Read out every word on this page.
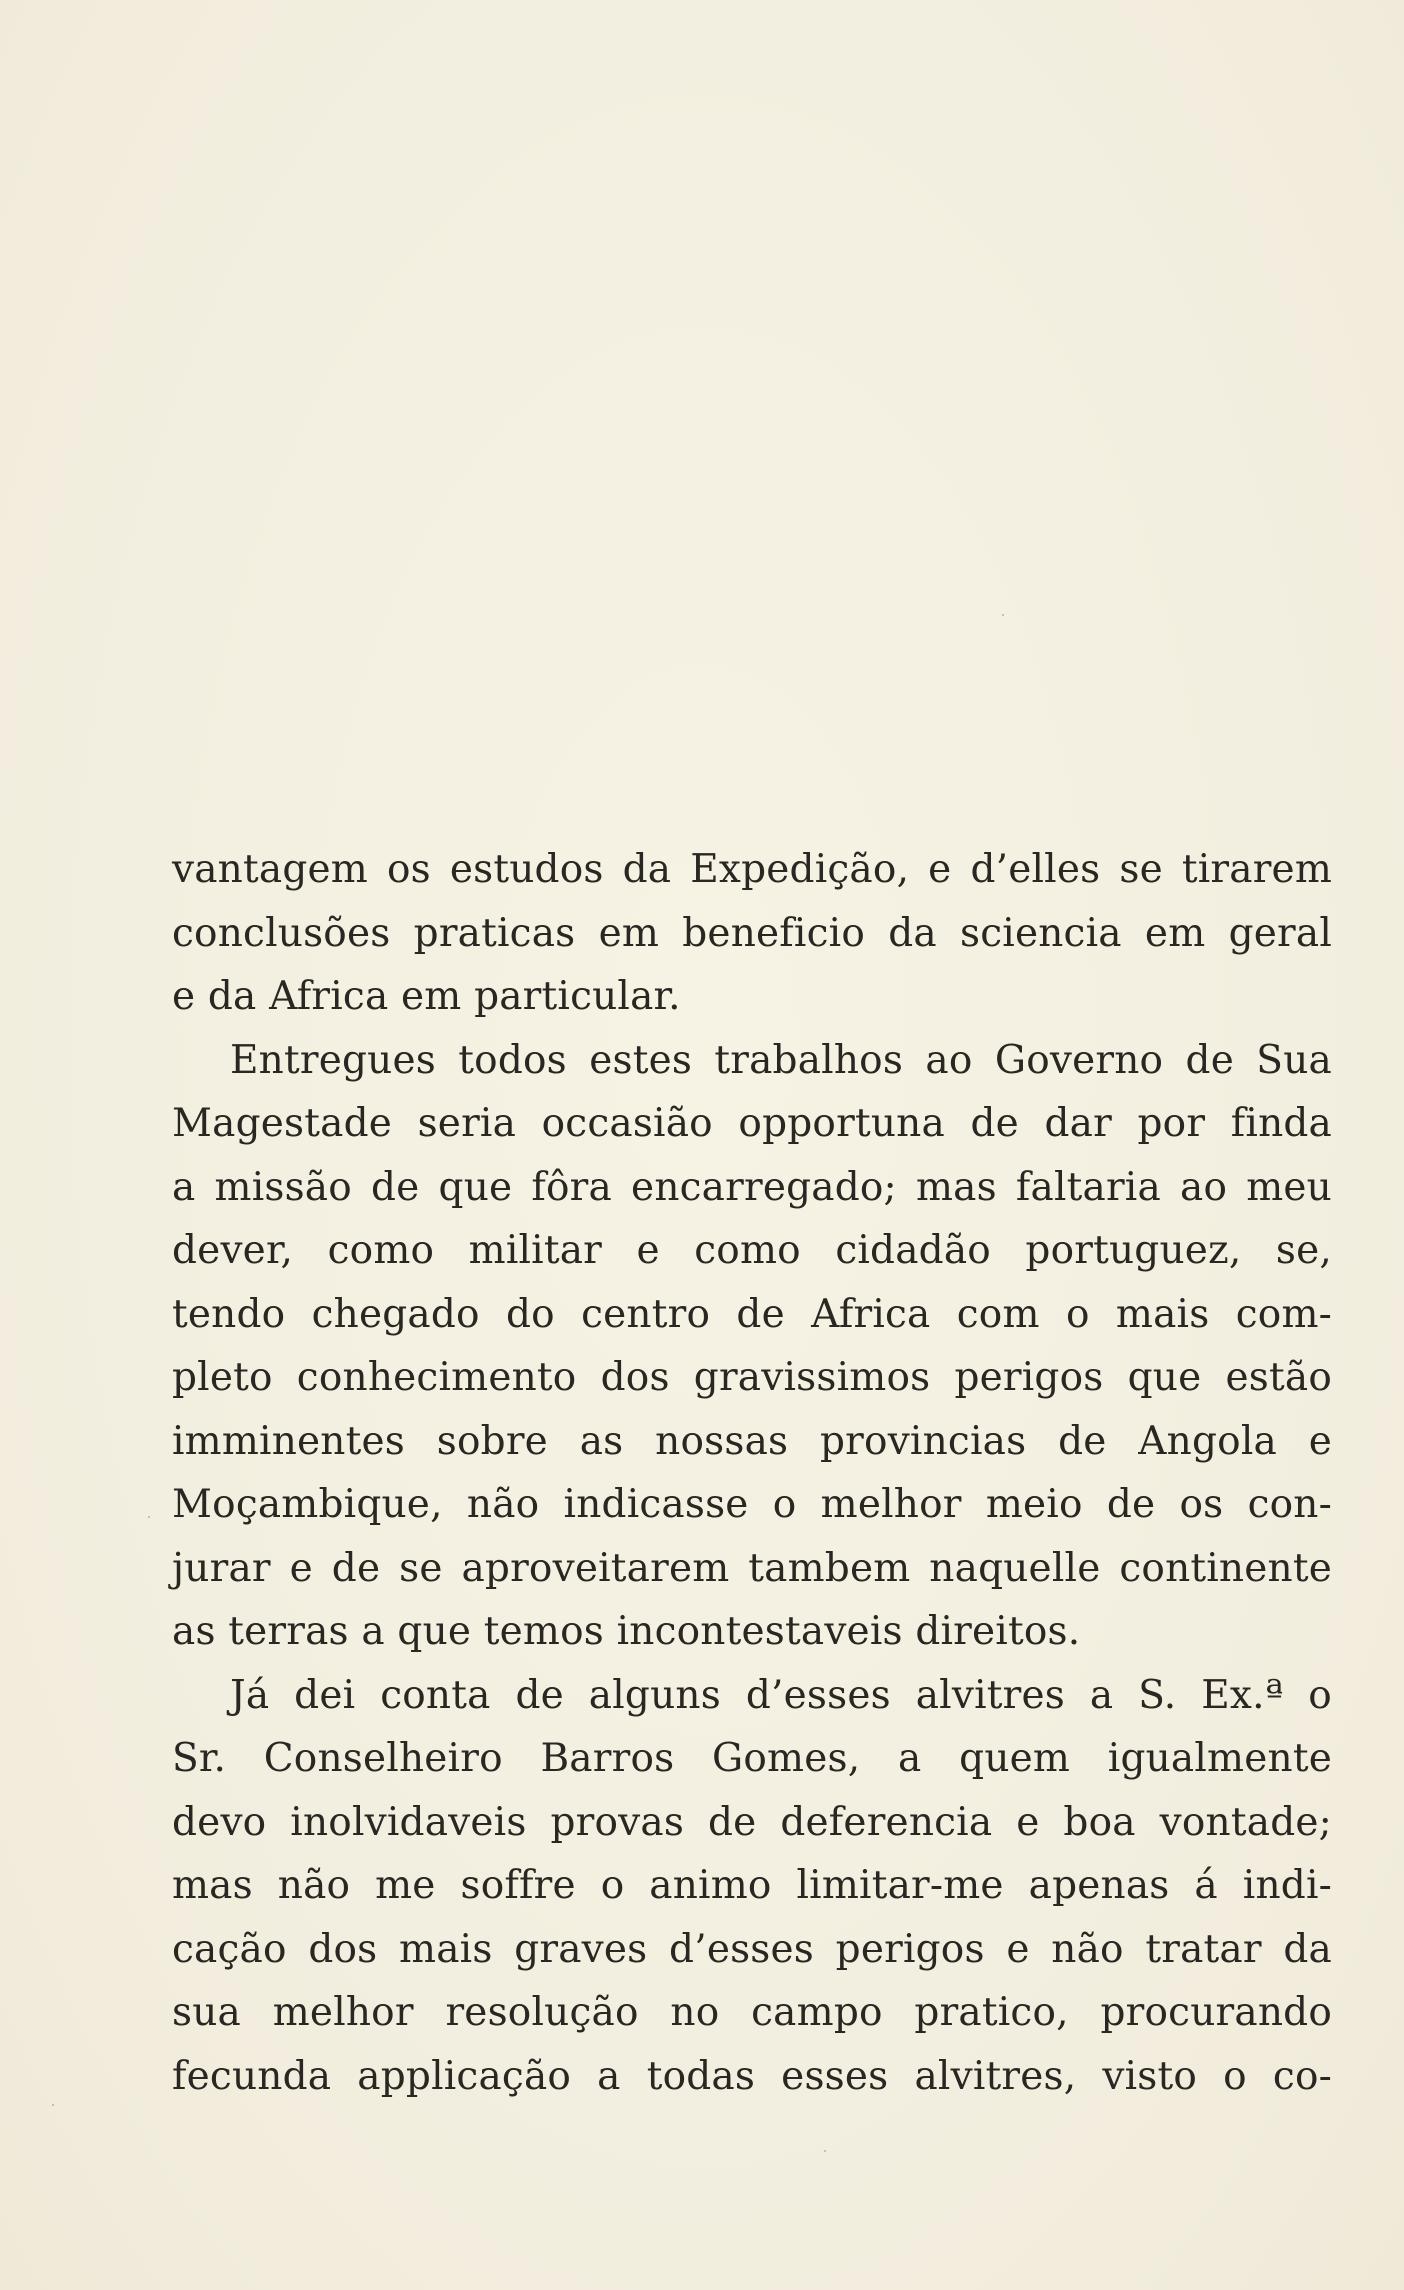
vantagem os estudos da Expedição, e d’elles se tirarem
conclusões praticas em beneficio da sciencia em geral
e da Africa em particular.
Entregues todos estes trabalhos ao Governo de Sua
Magestade seria occasião opportuna de dar por finda
a missão de que fôra encarregado; mas faltaria ao meu
dever, como militar e como cidadão portuguez, se,
tendo chegado do centro de Africa com o mais com-
pleto conhecimento dos gravissimos perigos que estão
imminentes sobre as nossas provincias de Angola e
Moçambique, não indicasse o melhor meio de os con-
jurar e de se aproveitarem tambem naquelle continente
as terras a que temos incontestaveis direitos.
Já dei conta de alguns d’esses alvitres a S. Ex.ª o
Sr. Conselheiro Barros Gomes, a quem igualmente
devo inolvidaveis provas de deferencia e boa vontade;
mas não me soffre o animo limitar-me apenas á indi-
cação dos mais graves d’esses perigos e não tratar da
sua melhor resolução no campo pratico, procurando
fecunda applicação a todas esses alvitres, visto o co-
